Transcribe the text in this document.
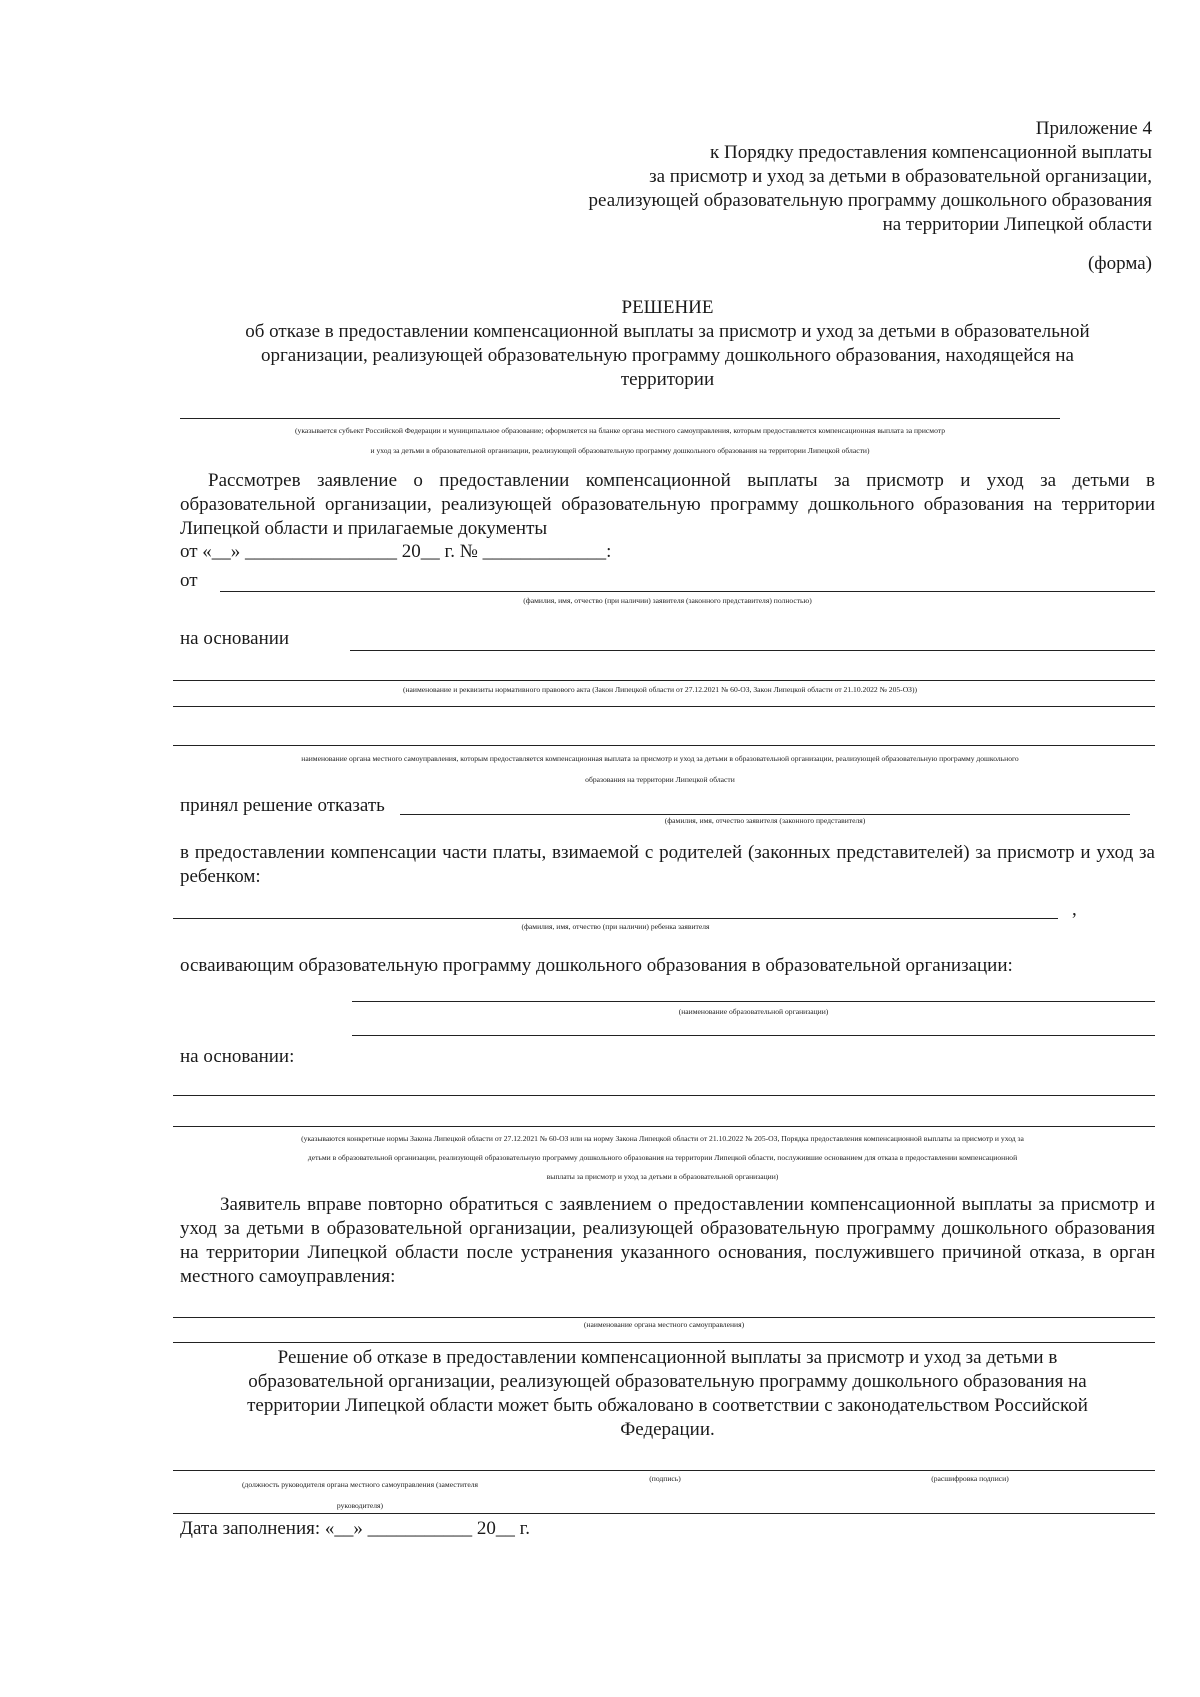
Приложение 4
к Порядку предоставления компенсационной выплаты
за присмотр и уход за детьми в образовательной организации,
реализующей образовательную программу дошкольного образования
на территории Липецкой области
(форма)
РЕШЕНИЕ
об отказе в предоставлении компенсационной выплаты за присмотр и уход за детьми в образовательной
организации, реализующей образовательную программу дошкольного образования, находящейся на
территории
(указывается субъект Российской Федерации и муниципальное образование; оформляется на бланке органа местного самоуправления, которым предоставляется компенсационная выплата за присмотр
и уход за детьми в образовательной организации, реализующей образовательную программу дошкольного образования на территории Липецкой области)
Рассмотрев заявление о предоставлении компенсационной выплаты за присмотр и уход за детьми в образовательной организации, реализующей образовательную программу дошкольного образования на территории Липецкой области и прилагаемые документы
от «__» ________________ 20__ г. № _____________:
от
(фамилия, имя, отчество (при наличии) заявителя (законного представителя) полностью)
на основании
(наименование и реквизиты нормативного правового акта (Закон Липецкой области от 27.12.2021 № 60-ОЗ, Закон Липецкой области от 21.10.2022 № 205-ОЗ))
наименование органа местного самоуправления, которым предоставляется компенсационная выплата за присмотр и уход за детьми в образовательной организации, реализующей образовательную программу дошкольного
образования на территории Липецкой области
принял решение отказать
(фамилия, имя, отчество заявителя (законного представителя)
в предоставлении компенсации части платы, взимаемой с родителей (законных представителей) за присмотр и уход за ребенком:
,
(фамилия, имя, отчество (при наличии) ребенка заявителя
осваивающим образовательную программу дошкольного образования в образовательной организации:
(наименование образовательной организации)
на основании:
(указываются конкретные нормы Закона Липецкой области от 27.12.2021 № 60-ОЗ или на норму Закона Липецкой области от 21.10.2022 № 205-ОЗ, Порядка предоставления компенсационной выплаты за присмотр и уход за
детьми в образовательной организации, реализующей образовательную программу дошкольного образования на территории Липецкой области, послужившие основанием для отказа в предоставлении компенсационной
выплаты за присмотр и уход за детьми в образовательной организации)
Заявитель вправе повторно обратиться с заявлением о предоставлении компенсационной выплаты за присмотр и уход за детьми в образовательной организации, реализующей образовательную программу дошкольного образования на территории Липецкой области после устранения указанного основания, послужившего причиной отказа, в орган местного самоуправления:
(наименование органа местного самоуправления)
Решение об отказе в предоставлении компенсационной выплаты за присмотр и уход за детьми в
образовательной организации, реализующей образовательную программу дошкольного образования на
территории Липецкой области может быть обжаловано в соответствии с законодательством Российской
Федерации.
(должность руководителя органа местного самоуправления (заместителя
руководителя)
(подпись)	(расшифровка подписи)
Дата заполнения: «__» ___________ 20__ г.
